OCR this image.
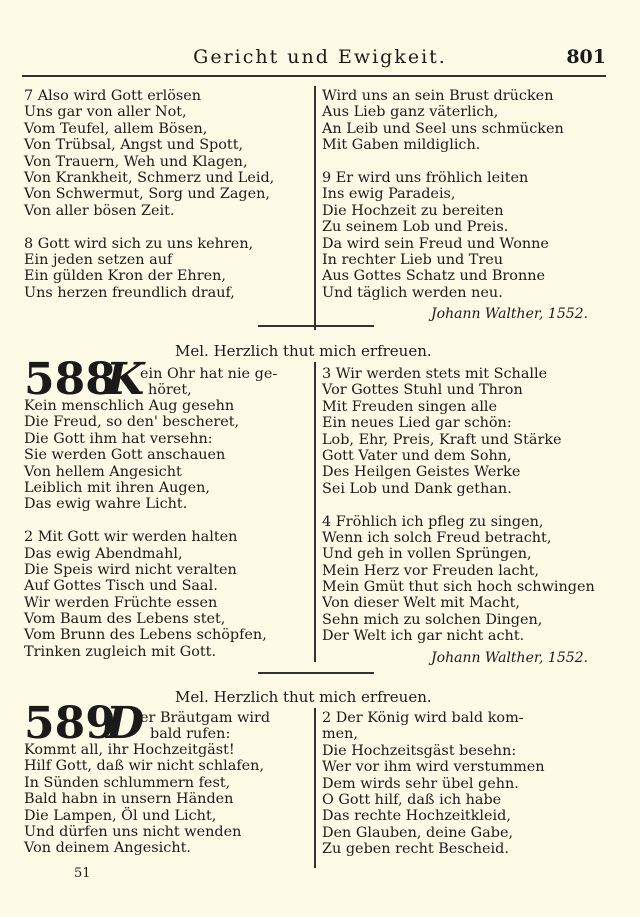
Gericht und Ewigkeit.	801
7 Also wird Gott erlösen
Uns gar von aller Not,
Vom Teufel, allem Bösen,
Von Trübsal, Angst und Spott,
Von Trauern, Weh und Klagen,
Von Krankheit, Schmerz und Leid,
Von Schwermut, Sorg und Zagen,
Von aller bösen Zeit.
8 Gott wird sich zu uns kehren,
Ein jeden setzen auf
Ein gülden Kron der Ehren,
Uns herzen freundlich drauf,
Wird uns an sein Brust drücken
Aus Lieb ganz väterlich,
An Leib und Seel uns schmücken
Mit Gaben mildiglich.
9 Er wird uns fröhlich leiten
Ins ewig Paradeis,
Die Hochzeit zu bereiten
Zu seinem Lob und Preis.
Da wird sein Freud und Wonne
In rechter Lieb und Treu
Aus Gottes Schatz und Bronne
Und täglich werden neu.
Johann Walther, 1552.
Mel. Herzlich thut mich erfreuen.
588
K
ein Ohr hat nie ge-
höret,
Kein menschlich Aug gesehn
Die Freud, so den' bescheret,
Die Gott ihm hat versehn:
Sie werden Gott anschauen
Von hellem Angesicht
Leiblich mit ihren Augen,
Das ewig wahre Licht.
2 Mit Gott wir werden halten
Das ewig Abendmahl,
Die Speis wird nicht veralten
Auf Gottes Tisch und Saal.
Wir werden Früchte essen
Vom Baum des Lebens stet,
Vom Brunn des Lebens schöpfen,
Trinken zugleich mit Gott.
3 Wir werden stets mit Schalle
Vor Gottes Stuhl und Thron
Mit Freuden singen alle
Ein neues Lied gar schön:
Lob, Ehr, Preis, Kraft und Stärke
Gott Vater und dem Sohn,
Des Heilgen Geistes Werke
Sei Lob und Dank gethan.
4 Fröhlich ich pfleg zu singen,
Wenn ich solch Freud betracht,
Und geh in vollen Sprüngen,
Mein Herz vor Freuden lacht,
Mein Gmüt thut sich hoch schwingen
Von dieser Welt mit Macht,
Sehn mich zu solchen Dingen,
Der Welt ich gar nicht acht.
Johann Walther, 1552.
Mel. Herzlich thut mich erfreuen.
589
D
er Bräutgam wird
bald rufen:
Kommt all, ihr Hochzeitgäst!
Hilf Gott, daß wir nicht schlafen,
In Sünden schlummern fest,
Bald habn in unsern Händen
Die Lampen, Öl und Licht,
Und dürfen uns nicht wenden
Von deinem Angesicht.
2 Der König wird bald kom-
men,
Die Hochzeitsgäst besehn:
Wer vor ihm wird verstummen
Dem wirds sehr übel gehn.
O Gott hilf, daß ich habe
Das rechte Hochzeitkleid,
Den Glauben, deine Gabe,
Zu geben recht Bescheid.
51
